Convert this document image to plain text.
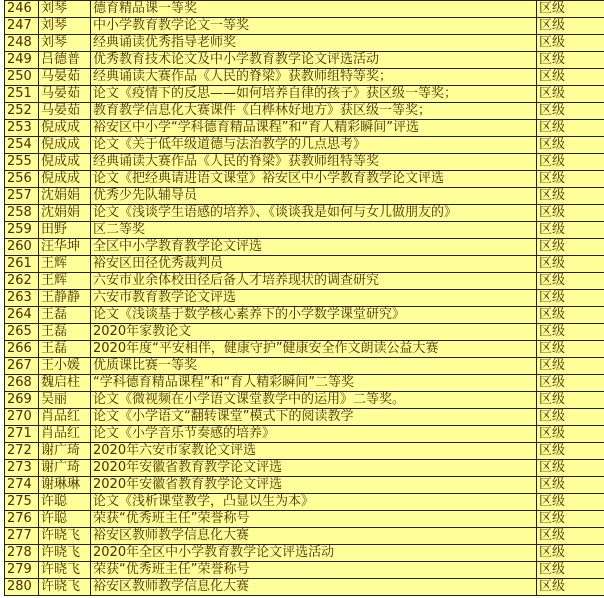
246	刘琴	德育精品课一等奖	区级
247	刘琴	中小学教育教学论文一等奖	区级
248	刘琴	经典诵读优秀指导老师奖	区级
249	吕德普	优秀教育技术论文及中小学教育教学论文评选活动	区级
250	马晏茹	经典诵读大赛作品《人民的脊梁》获教师组特等奖；	区级
251	马晏茹	论文《疫情下的反思——如何培养自律的孩子》获区级一等奖；	区级
252	马晏茹	教育教学信息化大赛课件《白桦林好地方》获区级一等奖；	区级
253	倪成成	裕安区中小学“学科德育精品课程”和“育人精彩瞬间”评选	区级
254	倪成成	论文《关于低年级道德与法治教学的几点思考》	区级
255	倪成成	经典诵读大赛作品《人民的脊梁》获教师组特等奖	区级
256	倪成成	论文《把经典请进语文课堂》裕安区中小学教育教学论文评选	区级
257	沈娟娟	优秀少先队辅导员	区级
258	沈娟娟	论文《浅谈学生语感的培养》、《谈谈我是如何与女儿做朋友的》	区级
259	田野	区二等奖	区级
260	汪华坤	全区中小学教育教学论文评选	区级
261	王辉	裕安区田径优秀裁判员	区级
262	王辉	六安市业余体校田径后备人才培养现状的调查研究	区级
263	王静静	六安市教育教学论文评选	区级
264	王磊	论文《浅谈基于数学核心素养下的小学数学课堂研究》	区级
265	王磊	2020年家教论文	区级
266	王磊	2020年度“平安相伴，健康守护”健康安全作文朗读公益大赛	区级
267	王小媛	优质课比赛一等奖	区级
268	魏启柱	“学科德育精品课程”和“育人精彩瞬间”二等奖	区级
269	吴丽	论文《微视频在小学语文课堂教学中的运用》二等奖。	区级
270	肖品红	论文《小学语文“翻转课堂”模式下的阅读教学	区级
271	肖品红	论文《小学音乐节奏感的培养》	区级
272	谢广琦	2020年六安市家教论文评选	区级
273	谢广琦	2020年安徽省教育教学论文评选	区级
274	谢琳琳	2020年安徽省教育教学论文评选	区级
275	许聪	论文《浅析课堂教学，凸显以生为本》	区级
276	许聪	荣获“优秀班主任”荣誉称号	区级
277	许晓飞	裕安区教师教学信息化大赛	区级
278	许晓飞	2020年全区中小学教育教学论文评选活动	区级
279	许晓飞	荣获“优秀班主任”荣誉称号	区级
280	许晓飞	裕安区教师教学信息化大赛	区级
